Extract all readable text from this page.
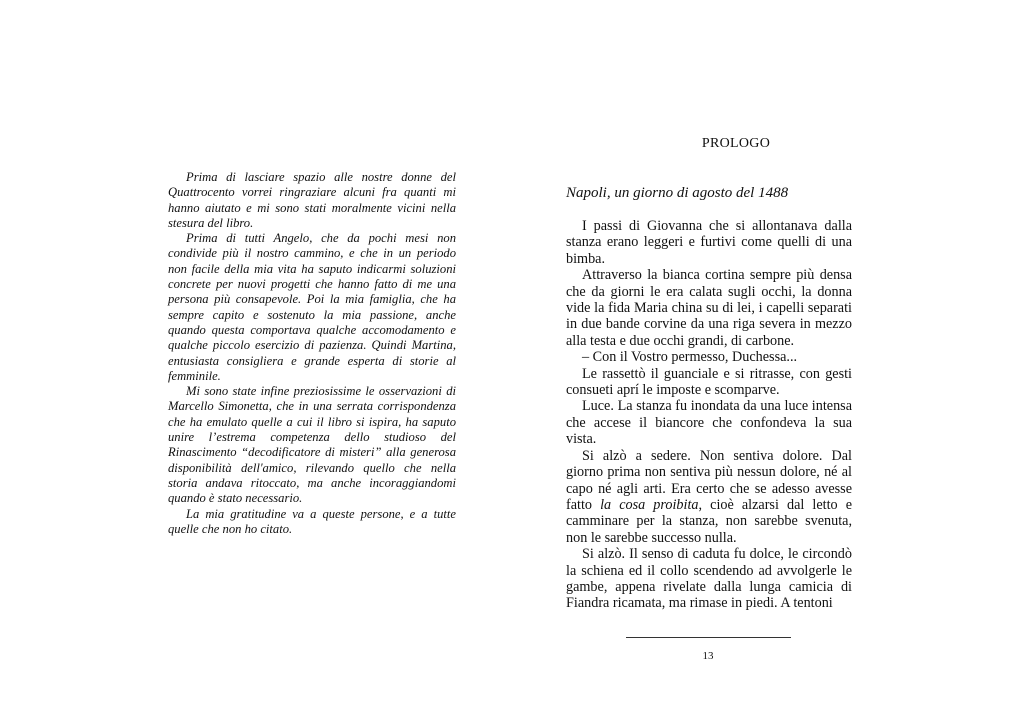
Prima di lasciare spazio alle nostre donne del Quattrocento vorrei ringraziare alcuni fra quanti mi hanno aiutato e mi sono stati moralmente vicini nella stesura del libro.

Prima di tutti Angelo, che da pochi mesi non condivide più il nostro cammino, e che in un periodo non facile della mia vita ha saputo indicarmi soluzioni concrete per nuovi progetti che hanno fatto di me una persona più consapevole. Poi la mia famiglia, che ha sempre capito e sostenuto la mia passione, anche quando questa comportava qualche accomodamento e qualche piccolo esercizio di pazienza. Quindi Martina, entusiasta consigliera e grande esperta di storie al femminile.

Mi sono state infine preziosissime le osservazioni di Marcello Simonetta, che in una serrata corrispondenza che ha emulato quelle a cui il libro si ispira, ha saputo unire l’estrema competenza dello studioso del Rinascimento “decodificatore di misteri” alla generosa disponibilità dell'amico, rilevando quello che nella storia andava ritoccato, ma anche incoraggiandomi quando è stato necessario.

La mia gratitudine va a queste persone, e a tutte quelle che non ho citato.

PROLOGO
Napoli, un giorno di agosto del 1488

I passi di Giovanna che si allontanava dalla stanza erano leggeri e furtivi come quelli di una bimba.

Attraverso la bianca cortina sempre più densa che da giorni le era calata sugli occhi, la donna vide la fida Maria china su di lei, i capelli separati in due bande corvine da una riga severa in mezzo alla testa e due occhi grandi, di carbone.

– Con il Vostro permesso, Duchessa...

Le rassettò il guanciale e si ritrasse, con gesti consueti aprí le imposte e scomparve.

Luce. La stanza fu inondata da una luce intensa che accese il biancore che confondeva la sua vista.

Si alzò a sedere. Non sentiva dolore. Dal giorno prima non sentiva più nessun dolore, né al capo né agli arti. Era certo che se adesso avesse fatto la cosa proibita, cioè alzarsi dal letto e camminare per la stanza, non sarebbe svenuta, non le sarebbe successo nulla.

Si alzò. Il senso di caduta fu dolce, le circondò la schiena ed il collo scendendo ad avvolgerle le gambe, appena rivelate dalla lunga camicia di Fiandra ricamata, ma rimase in piedi. A tentoni

13
